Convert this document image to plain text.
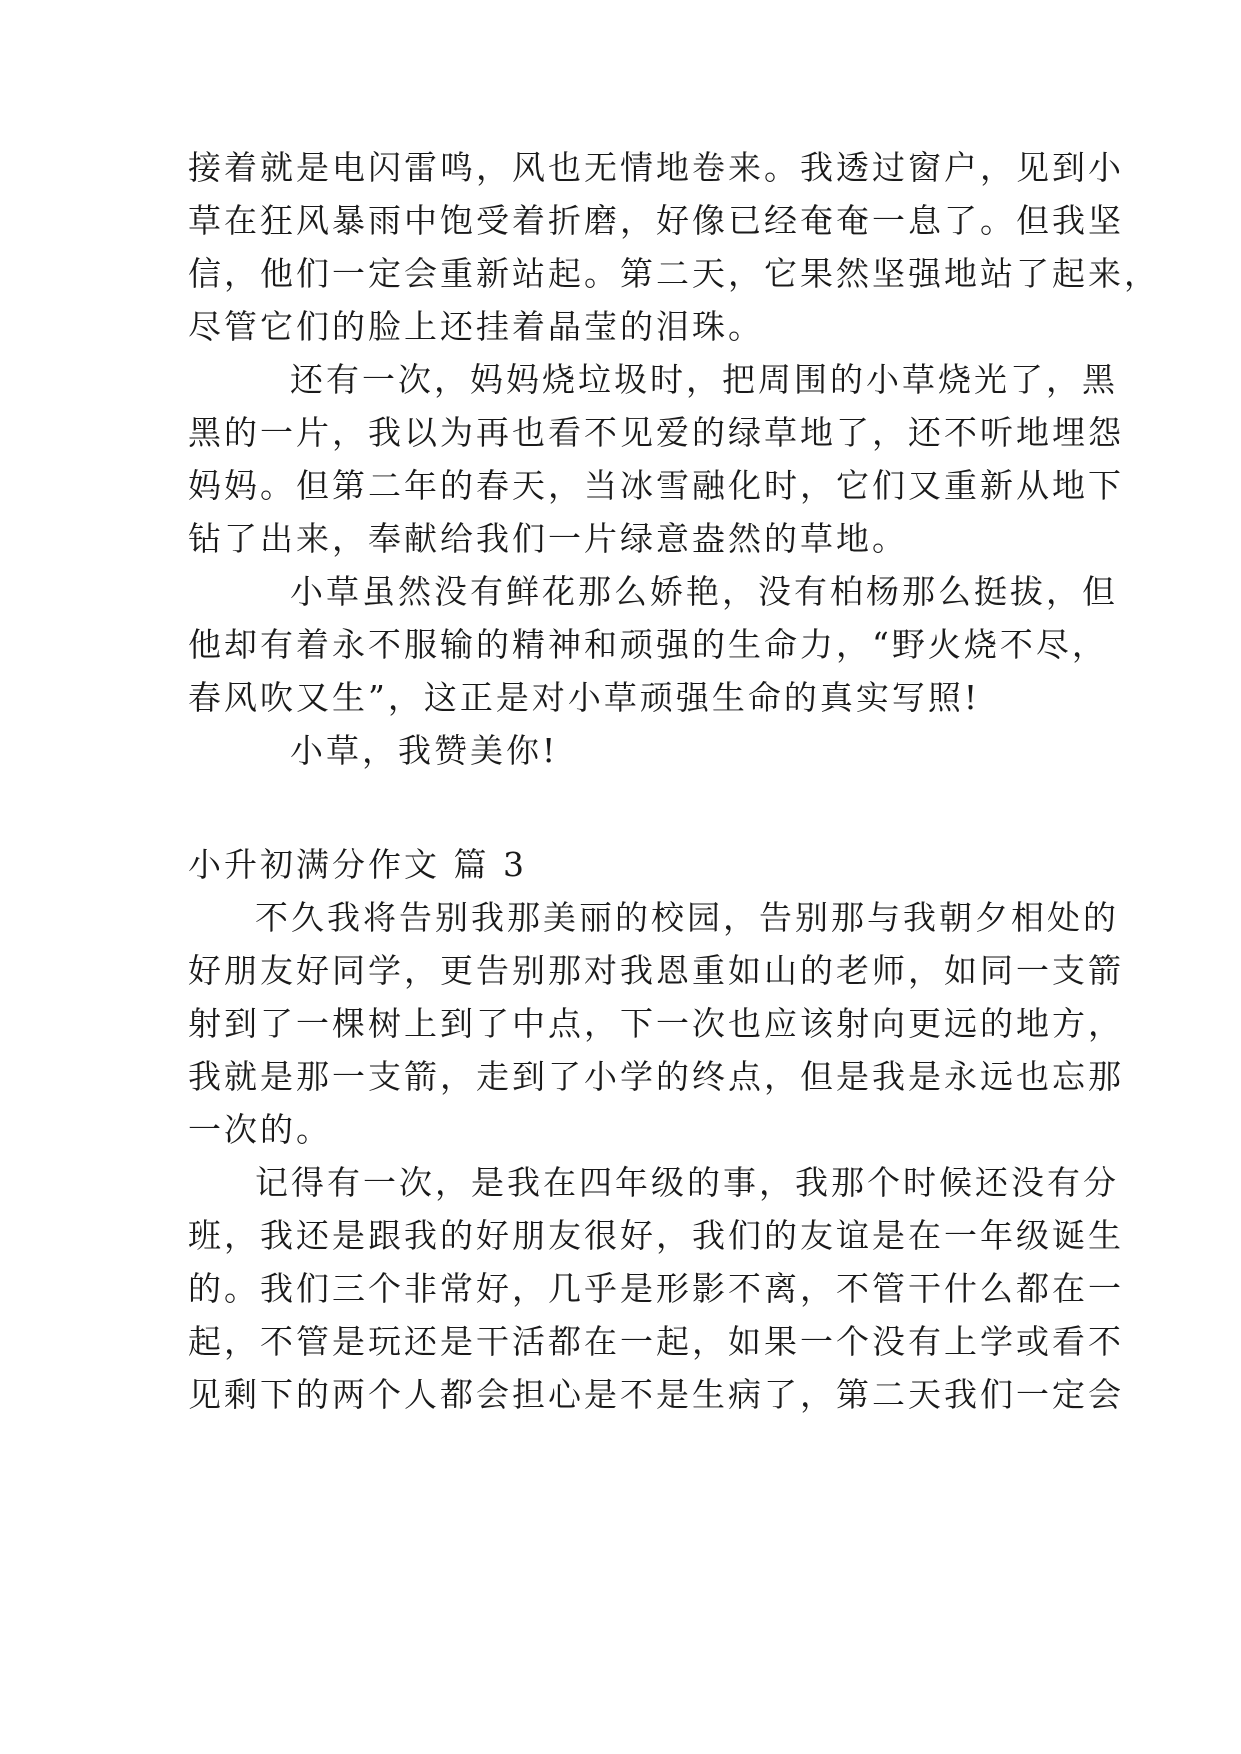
接着就是电闪雷鸣，风也无情地卷来。我透过窗户，见到小
草在狂风暴雨中饱受着折磨，好像已经奄奄一息了。但我坚
信，他们一定会重新站起。第二天，它果然坚强地站了起来，
尽管它们的脸上还挂着晶莹的泪珠。
还有一次，妈妈烧垃圾时，把周围的小草烧光了，黑
黑的一片，我以为再也看不见爱的绿草地了，还不听地埋怨
妈妈。但第二年的春天，当冰雪融化时，它们又重新从地下
钻了出来，奉献给我们一片绿意盎然的草地。
小草虽然没有鲜花那么娇艳，没有柏杨那么挺拔，但
他却有着永不服输的精神和顽强的生命力，“野火烧不尽，
春风吹又生”，这正是对小草顽强生命的真实写照!
小草，我赞美你!
小升初满分作文 篇 3
不久我将告别我那美丽的校园，告别那与我朝夕相处的
好朋友好同学，更告别那对我恩重如山的老师，如同一支箭
射到了一棵树上到了中点，下一次也应该射向更远的地方，
我就是那一支箭，走到了小学的终点，但是我是永远也忘那
一次的。
记得有一次，是我在四年级的事，我那个时候还没有分
班，我还是跟我的好朋友很好，我们的友谊是在一年级诞生
的。我们三个非常好，几乎是形影不离，不管干什么都在一
起，不管是玩还是干活都在一起，如果一个没有上学或看不
见剩下的两个人都会担心是不是生病了，第二天我们一定会
